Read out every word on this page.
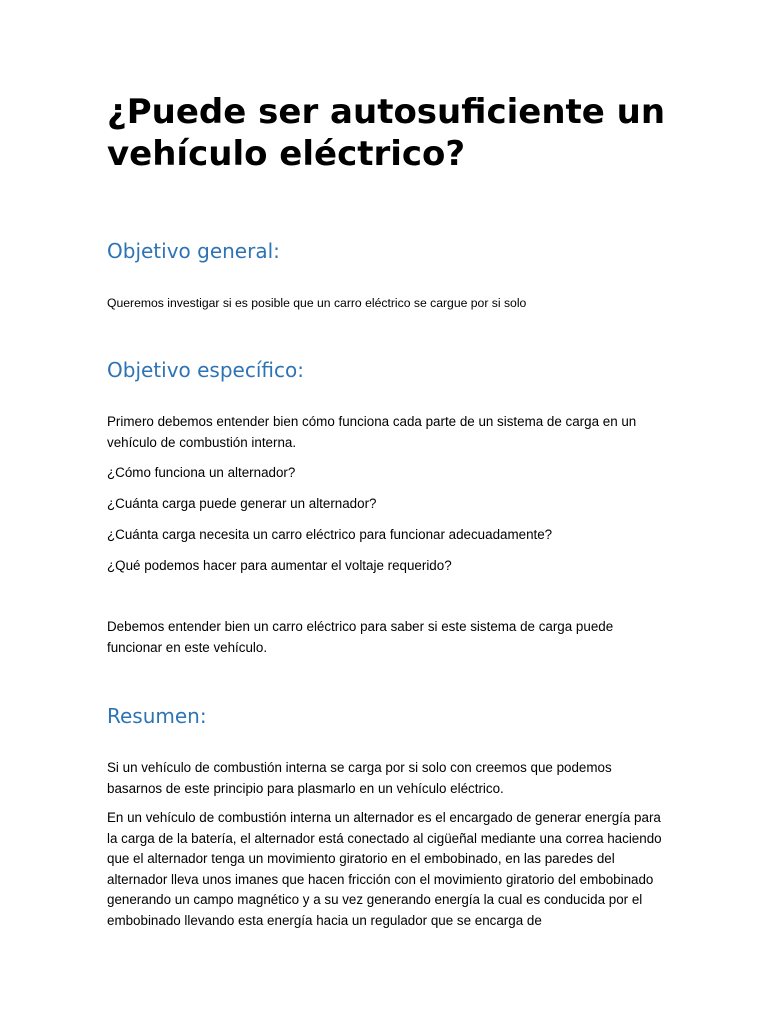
¿Puede ser autosuficiente un vehículo eléctrico?
Objetivo general:

Queremos investigar si es posible que un carro eléctrico se cargue por si solo

Objetivo específico:

Primero debemos entender bien cómo funciona cada parte de un sistema de carga en un vehículo de combustión interna.

¿Cómo funciona un alternador?

¿Cuánta carga puede generar un alternador?

¿Cuánta carga necesita un carro eléctrico para funcionar adecuadamente?

¿Qué podemos hacer para aumentar el voltaje requerido?

Debemos entender bien un carro eléctrico para saber si este sistema de carga puede funcionar en este vehículo.

Resumen:

Si un vehículo de combustión interna se carga por si solo con creemos que podemos basarnos de este principio para plasmarlo en un vehículo eléctrico.

En un vehículo de combustión interna un alternador es el encargado de generar energía para la carga de la batería, el alternador está conectado al cigüeñal mediante una correa haciendo que el alternador tenga un movimiento giratorio en el embobinado, en las paredes del alternador lleva unos imanes que hacen fricción con el movimiento giratorio del embobinado generando un campo magnético y a su vez generando energía la cual es conducida por el embobinado llevando esta energía hacia un regulador que se encarga de
